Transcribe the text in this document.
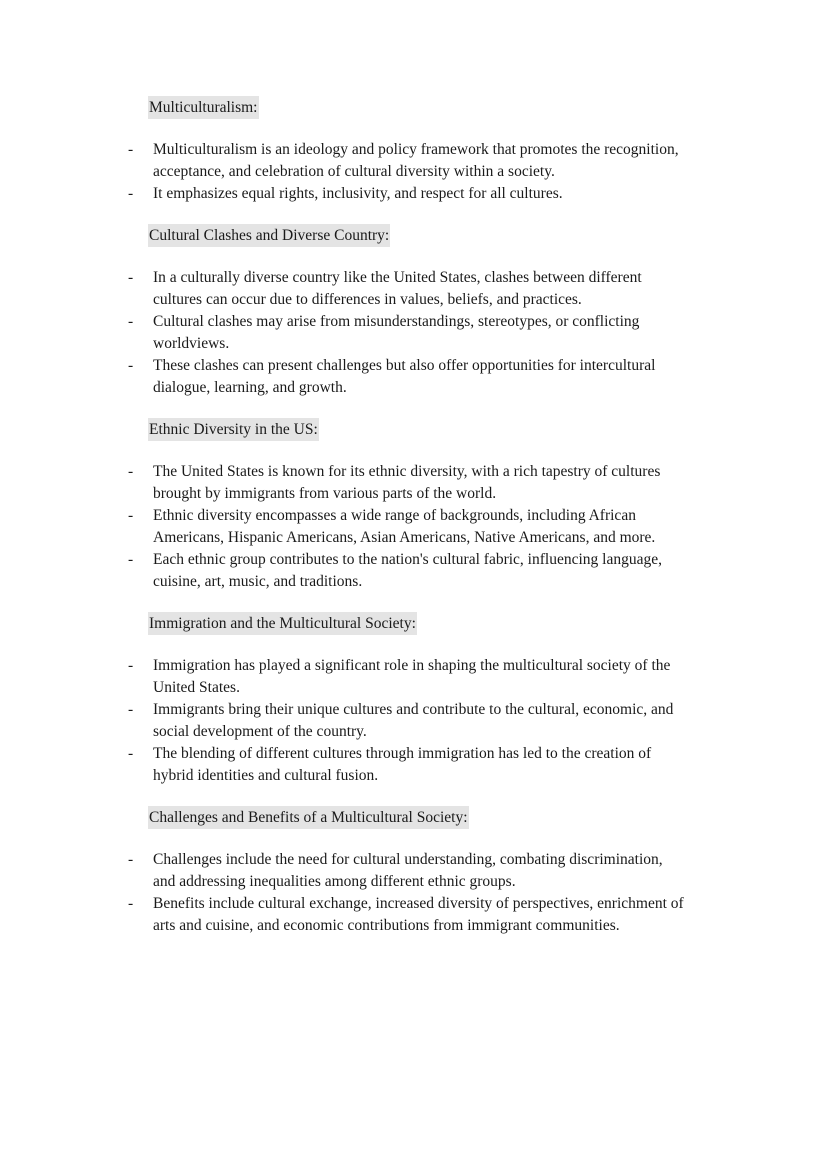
Multiculturalism:
- Multiculturalism is an ideology and policy framework that promotes the recognition,
acceptance, and celebration of cultural diversity within a society.
- It emphasizes equal rights, inclusivity, and respect for all cultures.
Cultural Clashes and Diverse Country:
- In a culturally diverse country like the United States, clashes between different
cultures can occur due to differences in values, beliefs, and practices.
- Cultural clashes may arise from misunderstandings, stereotypes, or conflicting
worldviews.
- These clashes can present challenges but also offer opportunities for intercultural
dialogue, learning, and growth.
Ethnic Diversity in the US:
- The United States is known for its ethnic diversity, with a rich tapestry of cultures
brought by immigrants from various parts of the world.
- Ethnic diversity encompasses a wide range of backgrounds, including African
Americans, Hispanic Americans, Asian Americans, Native Americans, and more.
- Each ethnic group contributes to the nation's cultural fabric, influencing language,
cuisine, art, music, and traditions.
Immigration and the Multicultural Society:
- Immigration has played a significant role in shaping the multicultural society of the
United States.
- Immigrants bring their unique cultures and contribute to the cultural, economic, and
social development of the country.
- The blending of different cultures through immigration has led to the creation of
hybrid identities and cultural fusion.
Challenges and Benefits of a Multicultural Society:
- Challenges include the need for cultural understanding, combating discrimination,
and addressing inequalities among different ethnic groups.
- Benefits include cultural exchange, increased diversity of perspectives, enrichment of
arts and cuisine, and economic contributions from immigrant communities.
